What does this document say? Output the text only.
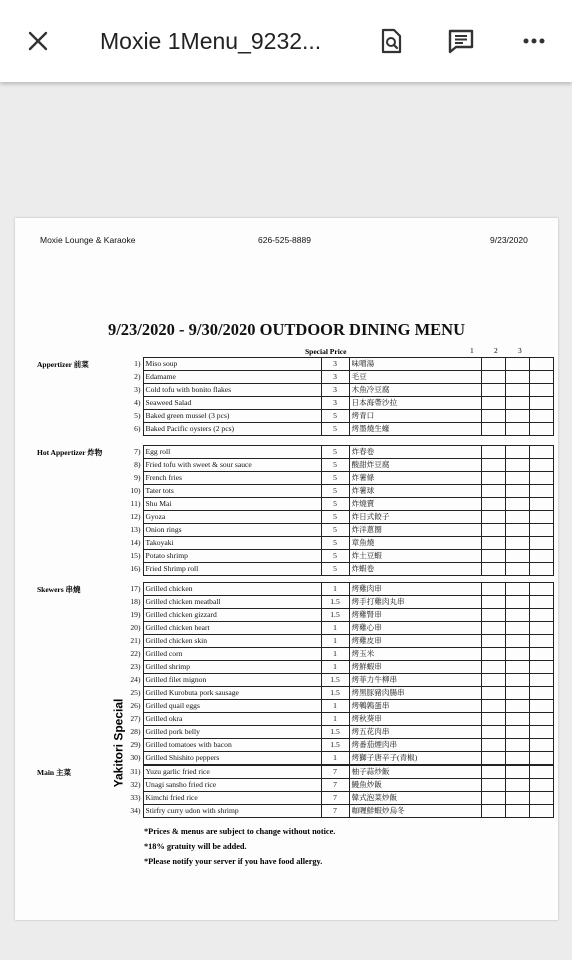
Moxie 1Menu_9232...
Moxie Lounge & Karaoke	626-525-8889	9/23/2020
9/23/2020 - 9/30/2020 OUTDOOR DINING MENU
Special Price	1	2	3
Appertizer 前菜	1)	Miso soup	3	味噌湯			
2)	Edamame	3	毛豆			
3)	Cold tofu with bonito flakes	3	木魚冷豆腐			
4)	Seaweed Salad	3	日本海帶沙拉			
5)	Baked green mussel (3 pcs)	5	烤青口			
6)	Baked Pacific oysters (2 pcs)	5	烤墨燒生蠔			
Hot Appertizer 炸物	7)	Egg roll	5	炸春卷			
8)	Fried tofu with sweet & sour sauce	5	酸甜炸豆腐			
9)	French fries	5	炸薯條			
10)	Tater tots	5	炸薯球			
11)	Shu Mai	5	炸燒賣			
12)	Gyoza	5	炸日式餃子			
13)	Onion rings	5	炸洋蔥圈			
14)	Takoyaki	5	章魚燒			
15)	Potato shrimp	5	炸土豆蝦			
16)	Fried Shrimp roll	5	炸蝦卷			
Skewers 串燒	17)	Grilled chicken	1	烤雞肉串			
18)	Grilled chicken meatball	1.5	烤手打雞肉丸串			
19)	Grilled chicken gizzard	1.5	烤雞腎串			
20)	Grilled chicken heart	1	烤雞心串			
21)	Grilled chicken skin	1	烤雞皮串			
22)	Grilled corn	1	烤玉米			
23)	Grilled shrimp	1	烤鮮蝦串			
24)	Grilled filet mignon	1.5	烤菲力牛柳串			
25)	Grilled Kurobuta pork sausage	1.5	烤黑豚豬肉腸串			
26)	Grilled quail eggs	1	烤鵪鶉蛋串			
27)	Grilled okra	1	烤秋葵串			
28)	Grilled pork belly	1.5	烤五花肉串			
29)	Grilled tomatoes with bacon	1.5	烤番茄煙肉串			
30)	Grilled Shishito peppers	1	烤獅子唐辛子(青椒)			
Main 主菜	31)	Yuzu garlic fried rice	7	柚子蒜炒飯			
32)	Unagi sansho fried rice	7	鰻魚炒飯			
33)	Kimchi fried rice	7	韓式泡菜炒飯			
34)	Stirfry curry udon with shrimp	7	咖喱鮮蝦炒烏冬			
Yakitori Special
*Prices & menus are subject to change without notice.
*18% gratuity will be added.
*Please notify your server if you have food allergy.
